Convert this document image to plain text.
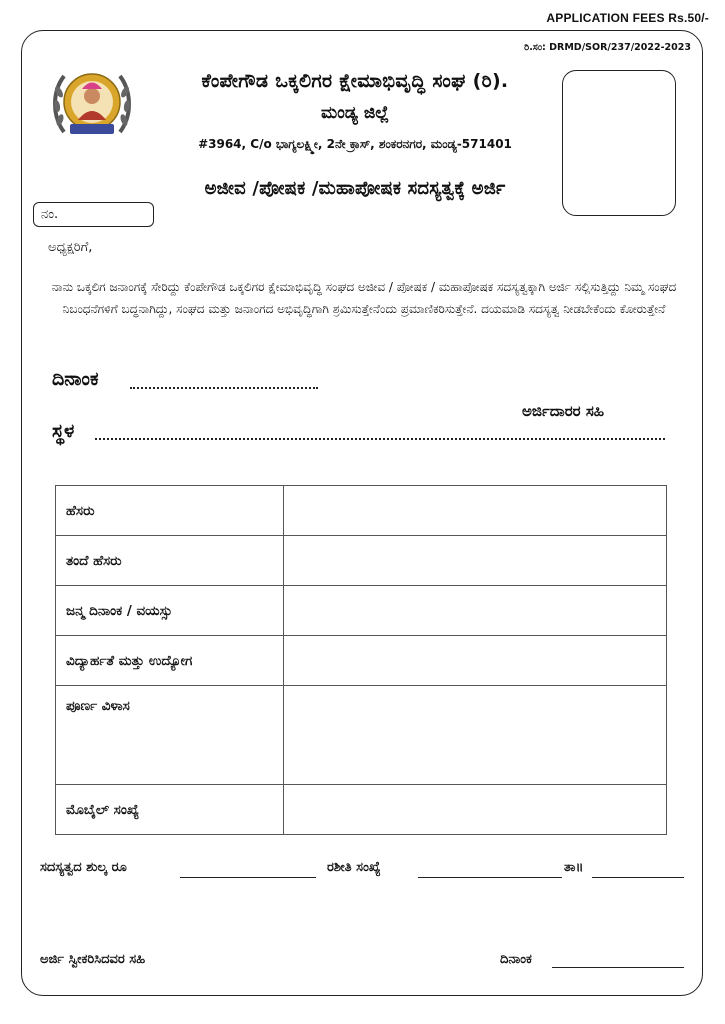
APPLICATION FEES Rs.50/-
ರಿ.ಸಂ: DRMD/SOR/237/2022-2023
ಕೆಂಪೇಗೌಡ ಒಕ್ಕಲಿಗರ ಕ್ಷೇಮಾಭಿವೃದ್ಧಿ ಸಂಘ (ರಿ).
ಮಂಡ್ಯ ಜಿಲ್ಲೆ
#3964, C/o ಭಾಗ್ಯಲಕ್ಷ್ಮೀ, 2ನೇ ಕ್ರಾಸ್, ಶಂಕರನಗರ, ಮಂಡ್ಯ-571401
ಅಜೀವ /ಪೋಷಕ /ಮಹಾಪೋಷಕ ಸದಸ್ಯತ್ವಕ್ಕೆ ಅರ್ಜಿ
ನಂ.
ಅಧ್ಯಕ್ಷರಿಗೆ,
ನಾನು ಒಕ್ಕಲಿಗ ಜನಾಂಗಕ್ಕೆ ಸೇರಿದ್ದು ಕೆಂಪೇಗೌಡ ಒಕ್ಕಲಿಗರ ಕ್ಷೇಮಾಭಿವೃದ್ಧಿ ಸಂಘದ ಅಜೀವ / ಪೋಷಕ / ಮಹಾಪೋಷಕ ಸದಸ್ಯತ್ವಕ್ಕಾಗಿ ಅರ್ಜಿ ಸಲ್ಲಿಸುತ್ತಿದ್ದು ನಿಮ್ಮ ಸಂಘದ ನಿಬಂಧನೆಗಳಿಗೆ ಬದ್ಧನಾಗಿದ್ದು, ಸಂಘದ ಮತ್ತು ಜನಾಂಗದ ಅಭಿವೃದ್ಧಿಗಾಗಿ ಶ್ರಮಿಸುತ್ತೇನೆಂದು ಪ್ರಮಾಣಿಕರಿಸುತ್ತೇನೆ. ದಯಮಾಡಿ ಸದಸ್ಯತ್ವ ನೀಡಬೇಕೆಂದು ಕೋರುತ್ತೇನೆ
ದಿನಾಂಕ
ಅರ್ಜಿದಾರರ ಸಹಿ
ಸ್ಥಳ
ಹೆಸರು	
ತಂದೆ ಹೆಸರು	
ಜನ್ಮ ದಿನಾಂಕ / ವಯಸ್ಸು	
ವಿದ್ಯಾರ್ಹತೆ ಮತ್ತು ಉದ್ಯೋಗ	
ಪೂರ್ಣ ವಿಳಾಸ	
ಮೊಬೈಲ್ ಸಂಖ್ಯೆ	
ಸದಸ್ಯತ್ವದ ಶುಲ್ಕ ರೂ	ರಶೀತಿ ಸಂಖ್ಯೆ	ತಾ॥
ಅರ್ಜಿ ಸ್ವೀಕರಿಸಿದವರ ಸಹಿ	ದಿನಾಂಕ
